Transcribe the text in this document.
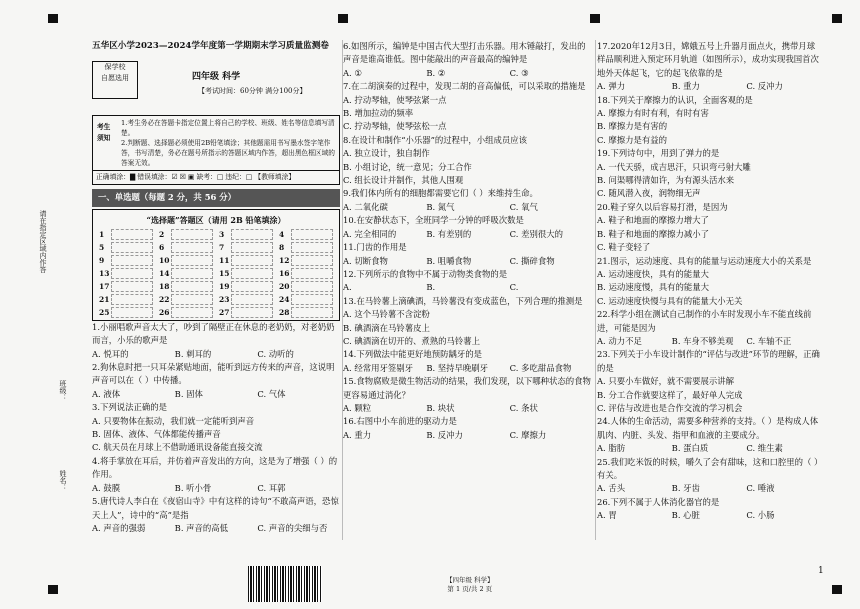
请在指定区域内作答
班级：
姓名：
五华区小学2023—2024学年度第一学期期末学习质量监测卷
保学校
自愿选用	四年级 科学
【考试时间：60分钟 满分100分】
考生须知

1.考生务必在答题卡指定位置上将自己的学校、班级、姓名等信息填写清楚。

2.判断题、选择题必须使用2B铅笔填涂；其他题需用书写墨水签字笔作答，书写清楚，务必在题号所指示的答题区域内作答，超出黑色框区域的答案无效。

正确填涂：▇ 错误填涂：☑ ☒ ▣ 缺考：□ 违纪：□ 【教师填涂】
一、单选题（每题 2 分，共 56 分）
“选择题”答题区（请用 2B 铅笔填涂）
1	2	3	4
5	6	7	8
9	10	11	12
13	14	15	16
17	18	19	20
21	22	23	24
25	26	27	28

1.小丽唱歌声音太大了，吵到了隔壁正在休息的老奶奶，对老奶奶而言，小乐的歌声是

A. 悦耳的	B. 刺耳的	C. 动听的

2.狗休息时把一只耳朵紧贴地面，能听到远方传来的声音，这说明声音可以在（ ）中传播。

A. 液体	B. 固体	C. 气体

3.下列说法正确的是

A. 只要物体在振动，我们就一定能听到声音

B. 固体、液体、气体都能传播声音

C. 航天员在月球上不借助通讯设备能直接交流

4.将手掌放在耳后，并仿着声音发出的方向，这是为了增强（ ）的作用。

A. 鼓膜	B. 听小骨	C. 耳郭

5.唐代诗人李白在《夜宿山寺》中有这样的诗句“不敢高声语，恐惊天上人”，诗中的“高”是指

A. 声音的强弱	B. 声音的高低	C. 声音的尖细与否

6.如图所示，编钟是中国古代大型打击乐器。用木锤敲打，发出的声音是谁高谁低。图中能敲出的声音最高的编钟是

A. ①	B. ②	C. ③

7.在二胡演奏的过程中，发现二胡的音高偏低，可以采取的措施是

A. 拧动琴轴，使琴弦紧一点

B. 增加拉动的频率

C. 拧动琴轴，使琴弦松一点

8.在设计和制作“小乐器”的过程中，小组成员应该

A. 独立设计，独自制作

B. 小组讨论，统一意见；分工合作

C. 组长设计并制作，其他人围观

9.我们体内所有的细胞都需要它们（ ）来维持生命。

A. 二氧化碳	B. 氮气	C. 氧气

10.在安静状态下，全班同学一分钟的呼吸次数是

A. 完全相同的	B. 有差别的	C. 差别很大的

11.门齿的作用是

A. 切断食物	B. 咀嚼食物	C. 撕碎食物

12.下列所示的食物中不属于动物类食物的是

A.	B.	C.

13.在马铃薯上滴碘酒，马铃薯没有变成蓝色，下列合理的推测是

A. 这个马铃薯不含淀粉

B. 碘酒滴在马铃薯皮上

C. 碘酒滴在切开的、煮熟的马铃薯上

14.下列做法中能更好地预防龋牙的是

A. 经常用牙签剔牙	B. 坚持早晚刷牙	C. 多吃甜品食物

15.食物腐败是微生物活动的结果，我们发现，以下哪种状态的食物更容易通过消化？

A. 颗粒	B. 块状	C. 条状

16.右图中小车前进的驱动力是

A. 重力	B. 反冲力	C. 摩擦力

17.2020年12月3日，嫦娥五号上升器月面点火，携带月球样品顺利进入预定环月轨道（如图所示），成功实现我国首次地外天体起飞，它的起飞依靠的是

A. 弹力	B. 重力	C. 反冲力

18.下列关于摩擦力的认识，全面客观的是

A. 摩擦力有时有利，有时有害

B. 摩擦力是有害的

C. 摩擦力是有益的

19.下列诗句中，用到了弹力的是

A. 一代天骄，成吉思汗，只识弯弓射大雕

B. 问渠哪得清如许，为有源头活水来

C. 随风潜入夜，润物细无声

20.鞋子穿久以后容易打滑，是因为

A. 鞋子和地面的摩擦力增大了

B. 鞋子和地面的摩擦力减小了

C. 鞋子变轻了

21.图示，运动速度、具有的能量与运动速度大小的关系是

A. 运动速度快，具有的能量大

B. 运动速度慢，具有的能量大

C. 运动速度快慢与具有的能量大小无关

22.科学小组在测试自己制作的小车时发现小车不能直线前进，可能是因为

A. 动力不足	B. 车身不够美观	C. 车轴不正

23.下列关于小车设计制作的“评估与改进”环节的理解，正确的是

A. 只要小车做好，就不需要展示讲解

B. 分工合作就要这样了，最好单人完成

C. 评估与改进也是合作交流的学习机会

24.人体的生命活动，需要多种营养的支持。（ ）是构成人体肌肉、内脏、头发、指甲和血液的主要成分。

A. 脂肪	B. 蛋白质	C. 维生素

25.我们吃米饭的时候，嚼久了会有甜味，这和口腔里的（ ）有关。

A. 舌头	B. 牙齿	C. 唾液

26.下列不属于人体消化器官的是

A. 胃	B. 心脏	C. 小肠
【四年级 科学】
第 1 页/共 2 页
1
